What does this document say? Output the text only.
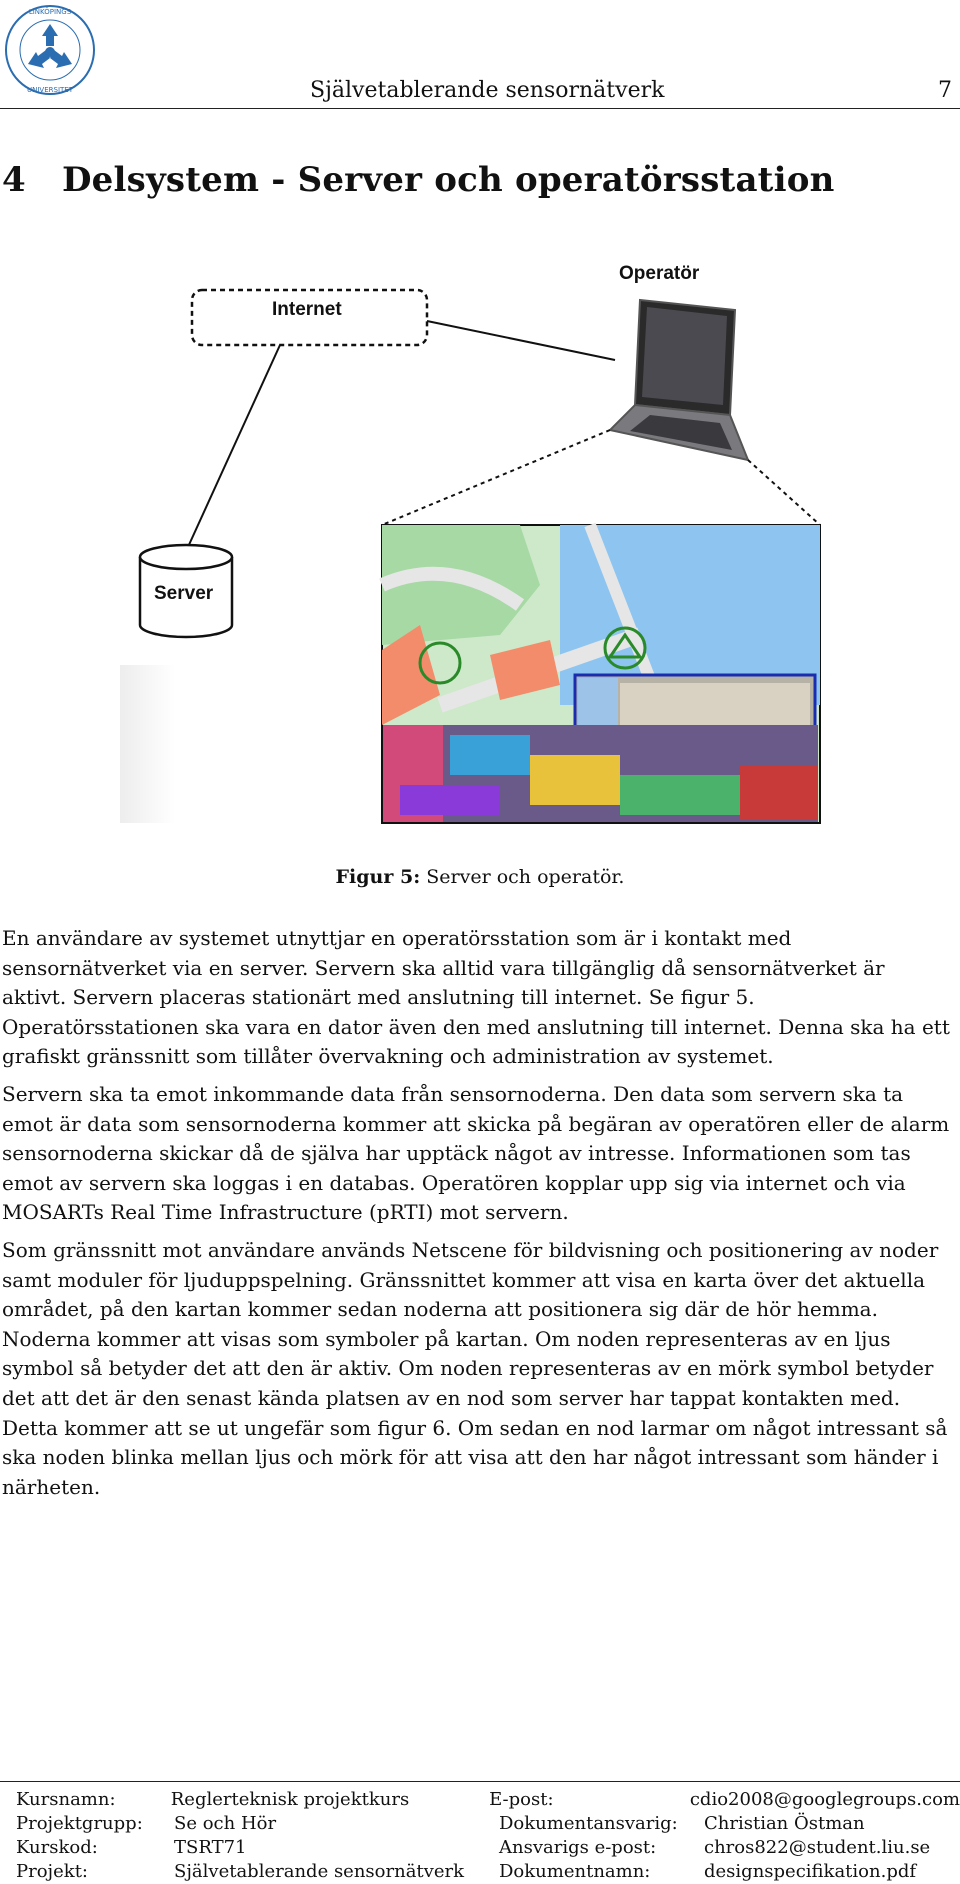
LINKÖPINGS
UNIVERSITET	Självetablerande sensornätverk	7
4 Delsystem - Server och operatörsstation
Internet
Operatör
Server
Figur 5: Server och operatör.

En användare av systemet utnyttjar en operatörsstation som är i kontakt med sensornätverket via en server. Servern ska alltid vara tillgänglig då sensornätverket är aktivt. Servern placeras stationärt med anslutning till internet. Se figur 5. Operatörsstationen ska vara en dator även den med anslutning till internet. Denna ska ha ett grafiskt gränssnitt som tillåter övervakning och administration av systemet.

Servern ska ta emot inkommande data från sensornoderna. Den data som servern ska ta emot är data som sensornoderna kommer att skicka på begäran av operatören eller de alarm sensornoderna skickar då de själva har upptäck något av intresse. Informationen som tas emot av servern ska loggas i en databas. Operatören kopplar upp sig via internet och via MOSARTs Real Time Infrastructure (pRTI) mot servern.

Som gränssnitt mot användare används Netscene för bildvisning och positionering av noder samt moduler för ljuduppspelning. Gränssnittet kommer att visa en karta över det aktuella området, på den kartan kommer sedan noderna att positionera sig där de hör hemma. Noderna kommer att visas som symboler på kartan. Om noden representeras av en ljus symbol så betyder det att den är aktiv. Om noden representeras av en mörk symbol betyder det att det är den senast kända platsen av en nod som server har tappat kontakten med. Detta kommer att se ut ungefär som figur 6. Om sedan en nod larmar om något intressant så ska noden blinka mellan ljus och mörk för att visa att den har något intressant som händer i närheten.

Kursnamn:	Reglerteknisk projektkurs	E-post:	cdio2008@googlegroups.com
Projektgrupp:	Se och Hör	Dokumentansvarig:	Christian Östman
Kurskod:	TSRT71	Ansvarigs e-post:	chros822@student.liu.se
Projekt:	Självetablerande sensornätverk	Dokumentnamn:	designspecifikation.pdf
